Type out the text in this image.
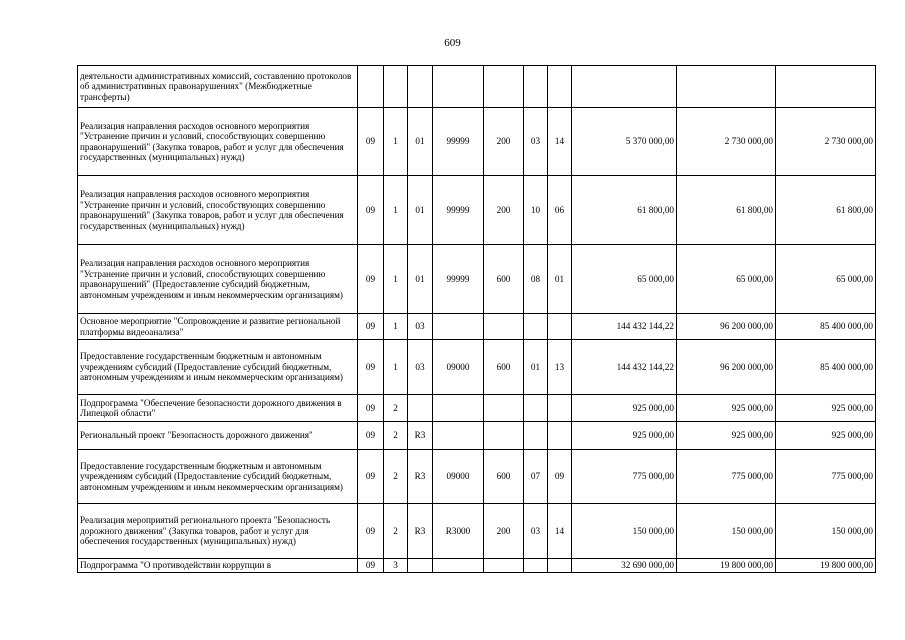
609
деятельности административных комиссий, составлению протоколов об административных правонарушениях" (Межбюджетные трансферты)										
Реализация направления расходов основного мероприятия "Устранение причин и условий, способствующих совершению правонарушений" (Закупка товаров, работ и услуг для обеспечения государственных (муниципальных) нужд)	09	1	01	99999	200	03	14	5 370 000,00	2 730 000,00	2 730 000,00
Реализация направления расходов основного мероприятия "Устранение причин и условий, способствующих совершению правонарушений" (Закупка товаров, работ и услуг для обеспечения государственных (муниципальных) нужд)	09	1	01	99999	200	10	06	61 800,00	61 800,00	61 800,00
Реализация направления расходов основного мероприятия "Устранение причин и условий, способствующих совершению правонарушений" (Предоставление субсидий бюджетным, автономным учреждениям и иным некоммерческим организациям)	09	1	01	99999	600	08	01	65 000,00	65 000,00	65 000,00
Основное мероприятие "Сопровождение и развитие региональной платформы видеоанализа"	09	1	03					144 432 144,22	96 200 000,00	85 400 000,00
Предоставление государственным бюджетным и автономным учреждениям субсидий (Предоставление субсидий бюджетным, автономным учреждениям и иным некоммерческим организациям)	09	1	03	09000	600	01	13	144 432 144,22	96 200 000,00	85 400 000,00
Подпрограмма "Обеспечение безопасности дорожного движения в Липецкой области"	09	2						925 000,00	925 000,00	925 000,00
Региональный проект "Безопасность дорожного движения"	09	2	R3					925 000,00	925 000,00	925 000,00
Предоставление государственным бюджетным и автономным учреждениям субсидий (Предоставление субсидий бюджетным, автономным учреждениям и иным некоммерческим организациям)	09	2	R3	09000	600	07	09	775 000,00	775 000,00	775 000,00
Реализация мероприятий регионального проекта "Безопасность дорожного движения" (Закупка товаров, работ и услуг для обеспечения государственных (муниципальных) нужд)	09	2	R3	R3000	200	03	14	150 000,00	150 000,00	150 000,00
Подпрограмма "О противодействии коррупции в	09	3						32 690 000,00	19 800 000,00	19 800 000,00
